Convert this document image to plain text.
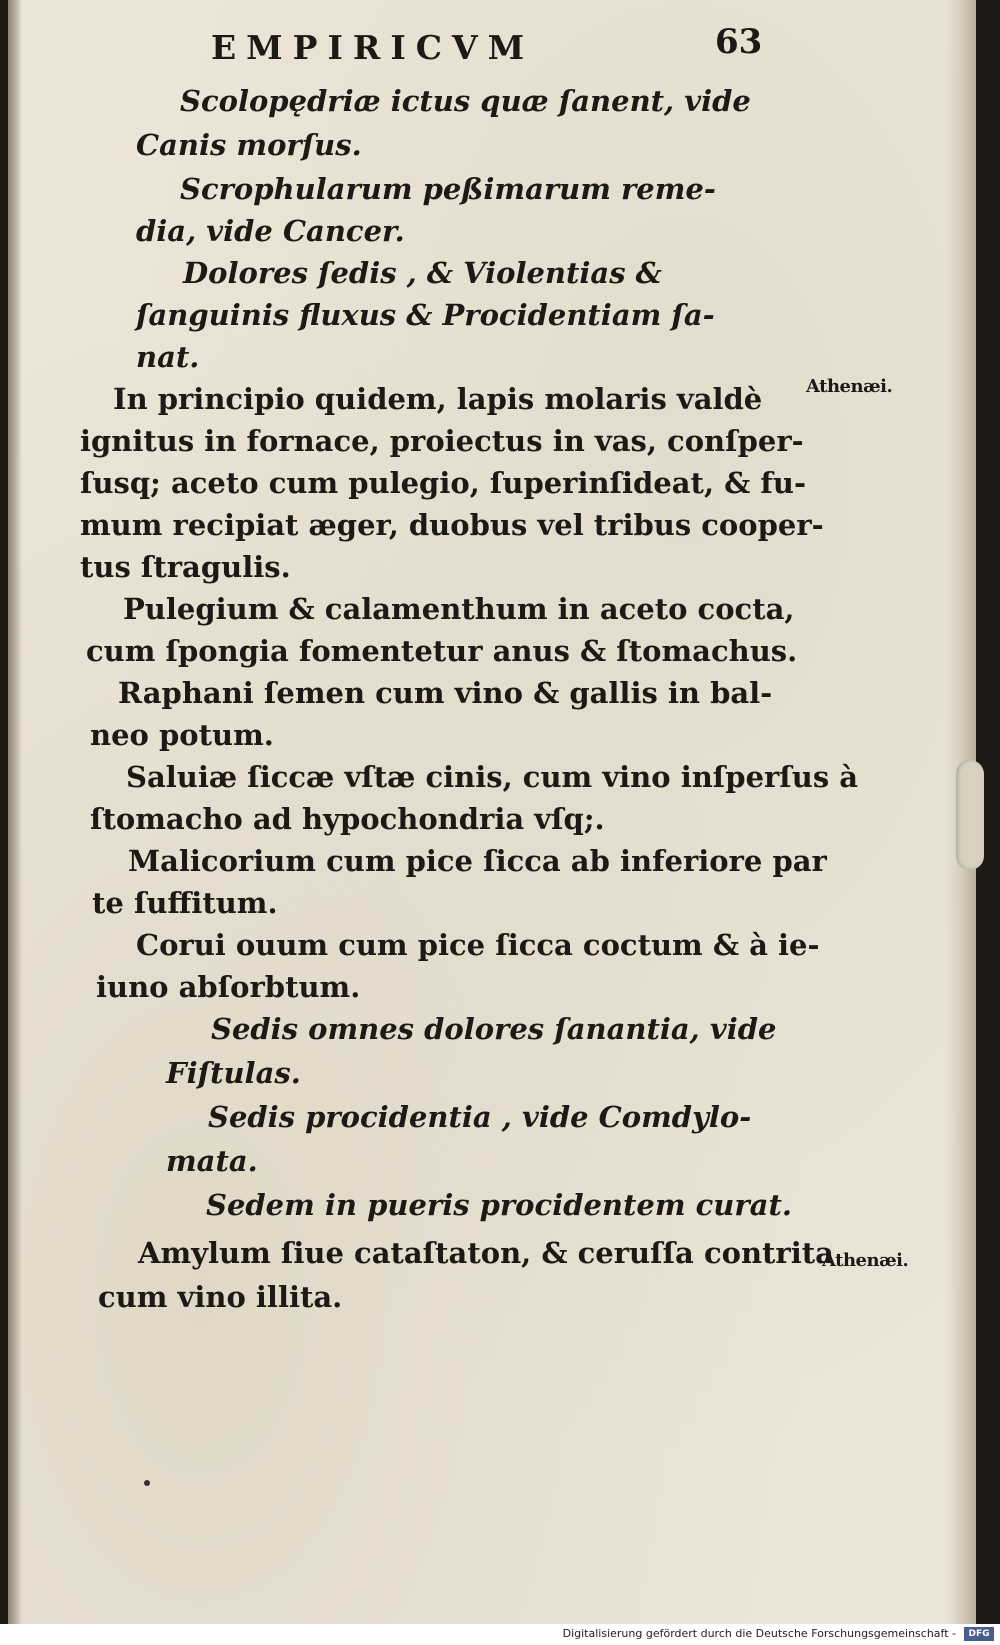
EMPIRICVM	63
Scolopędriæ ictus quæ ſanent, vide
Canis morſus.
Scrophularum peßimarum reme-
dia, vide Cancer.
Dolores ſedis , & Violentias &
ſanguinis fluxus & Procidentiam ſa-
nat.
In principio quidem, lapis molaris valdè
ignitus in fornace, proiectus in vas, conſper-
ſusq; aceto cum pulegio, ſuperinſideat, & fu-
mum recipiat æger, duobus vel tribus cooper-
tus ſtragulis.
Pulegium & calamenthum in aceto cocta,
cum ſpongia fomentetur anus & ſtomachus.
Raphani ſemen cum vino & gallis in bal-
neo potum.
Saluiæ ſiccæ vſtæ cinis, cum vino inſperſus à
ſtomacho ad hypochondria vſq;.
Malicorium cum pice ſicca ab inferiore par
te ſuffitum.
Corui ouum cum pice ſicca coctum & à ie-
iuno abſorbtum.
Sedis omnes dolores ſanantia, vide
Fiſtulas.
Sedis procidentia , vide Comdylo-
mata.
Sedem in pueris procidentem curat.
Amylum ſiue cataſtaton, & ceruſſa contrita
cum vino illita.
Athenæi.
Athenæi.
Digitalisierung gefördert durch die Deutsche Forschungsgemeinschaft -	DFG
